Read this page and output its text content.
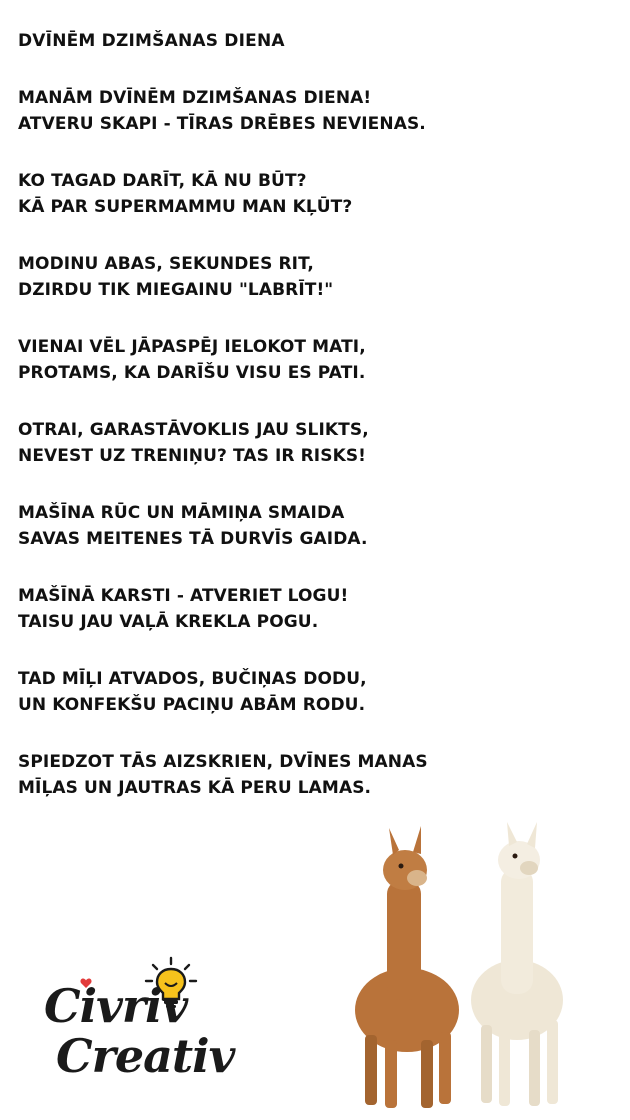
DVĪNĒM DZIMŠANAS DIENA
MANĀM DVĪNĒM DZIMŠANAS DIENA!
ATVERU SKAPI - TĪRAS DRĒBES NEVIENAS.
KO TAGAD DARĪT, KĀ NU BŪT?
KĀ PAR SUPERMAMMU MAN KĻŪT?
MODINU ABAS, SEKUNDES RIT,
DZIRDU TIK MIEGAINU "LABRĪT!"
VIENAI VĒL JĀPASPĒJ IELOKOT MATI,
PROTAMS, KA DARĪŠU VISU ES PATI.
OTRAI, GARASTĀVOKLIS JAU SLIKTS,
NEVEST UZ TRENIŅU? TAS IR RISKS!
MAŠĪNA RŪC UN MĀMIŅA SMAIDA
SAVAS MEITENES TĀ DURVĪS GAIDA.
MAŠĪNĀ KARSTI - ATVERIET LOGU!
TAISU JAU VAĻĀ KREKLA POGU.
TAD MĪĻI ATVADOS, BUČIŅAS DODU,
UN KONFEKŠU PACIŅU ABĀM RODU.
SPIEDZOT TĀS AIZSKRIEN, DVĪNES MANAS
MĪĻAS UN JAUTRAS KĀ PERU LAMAS.
Civriv
Creativ
